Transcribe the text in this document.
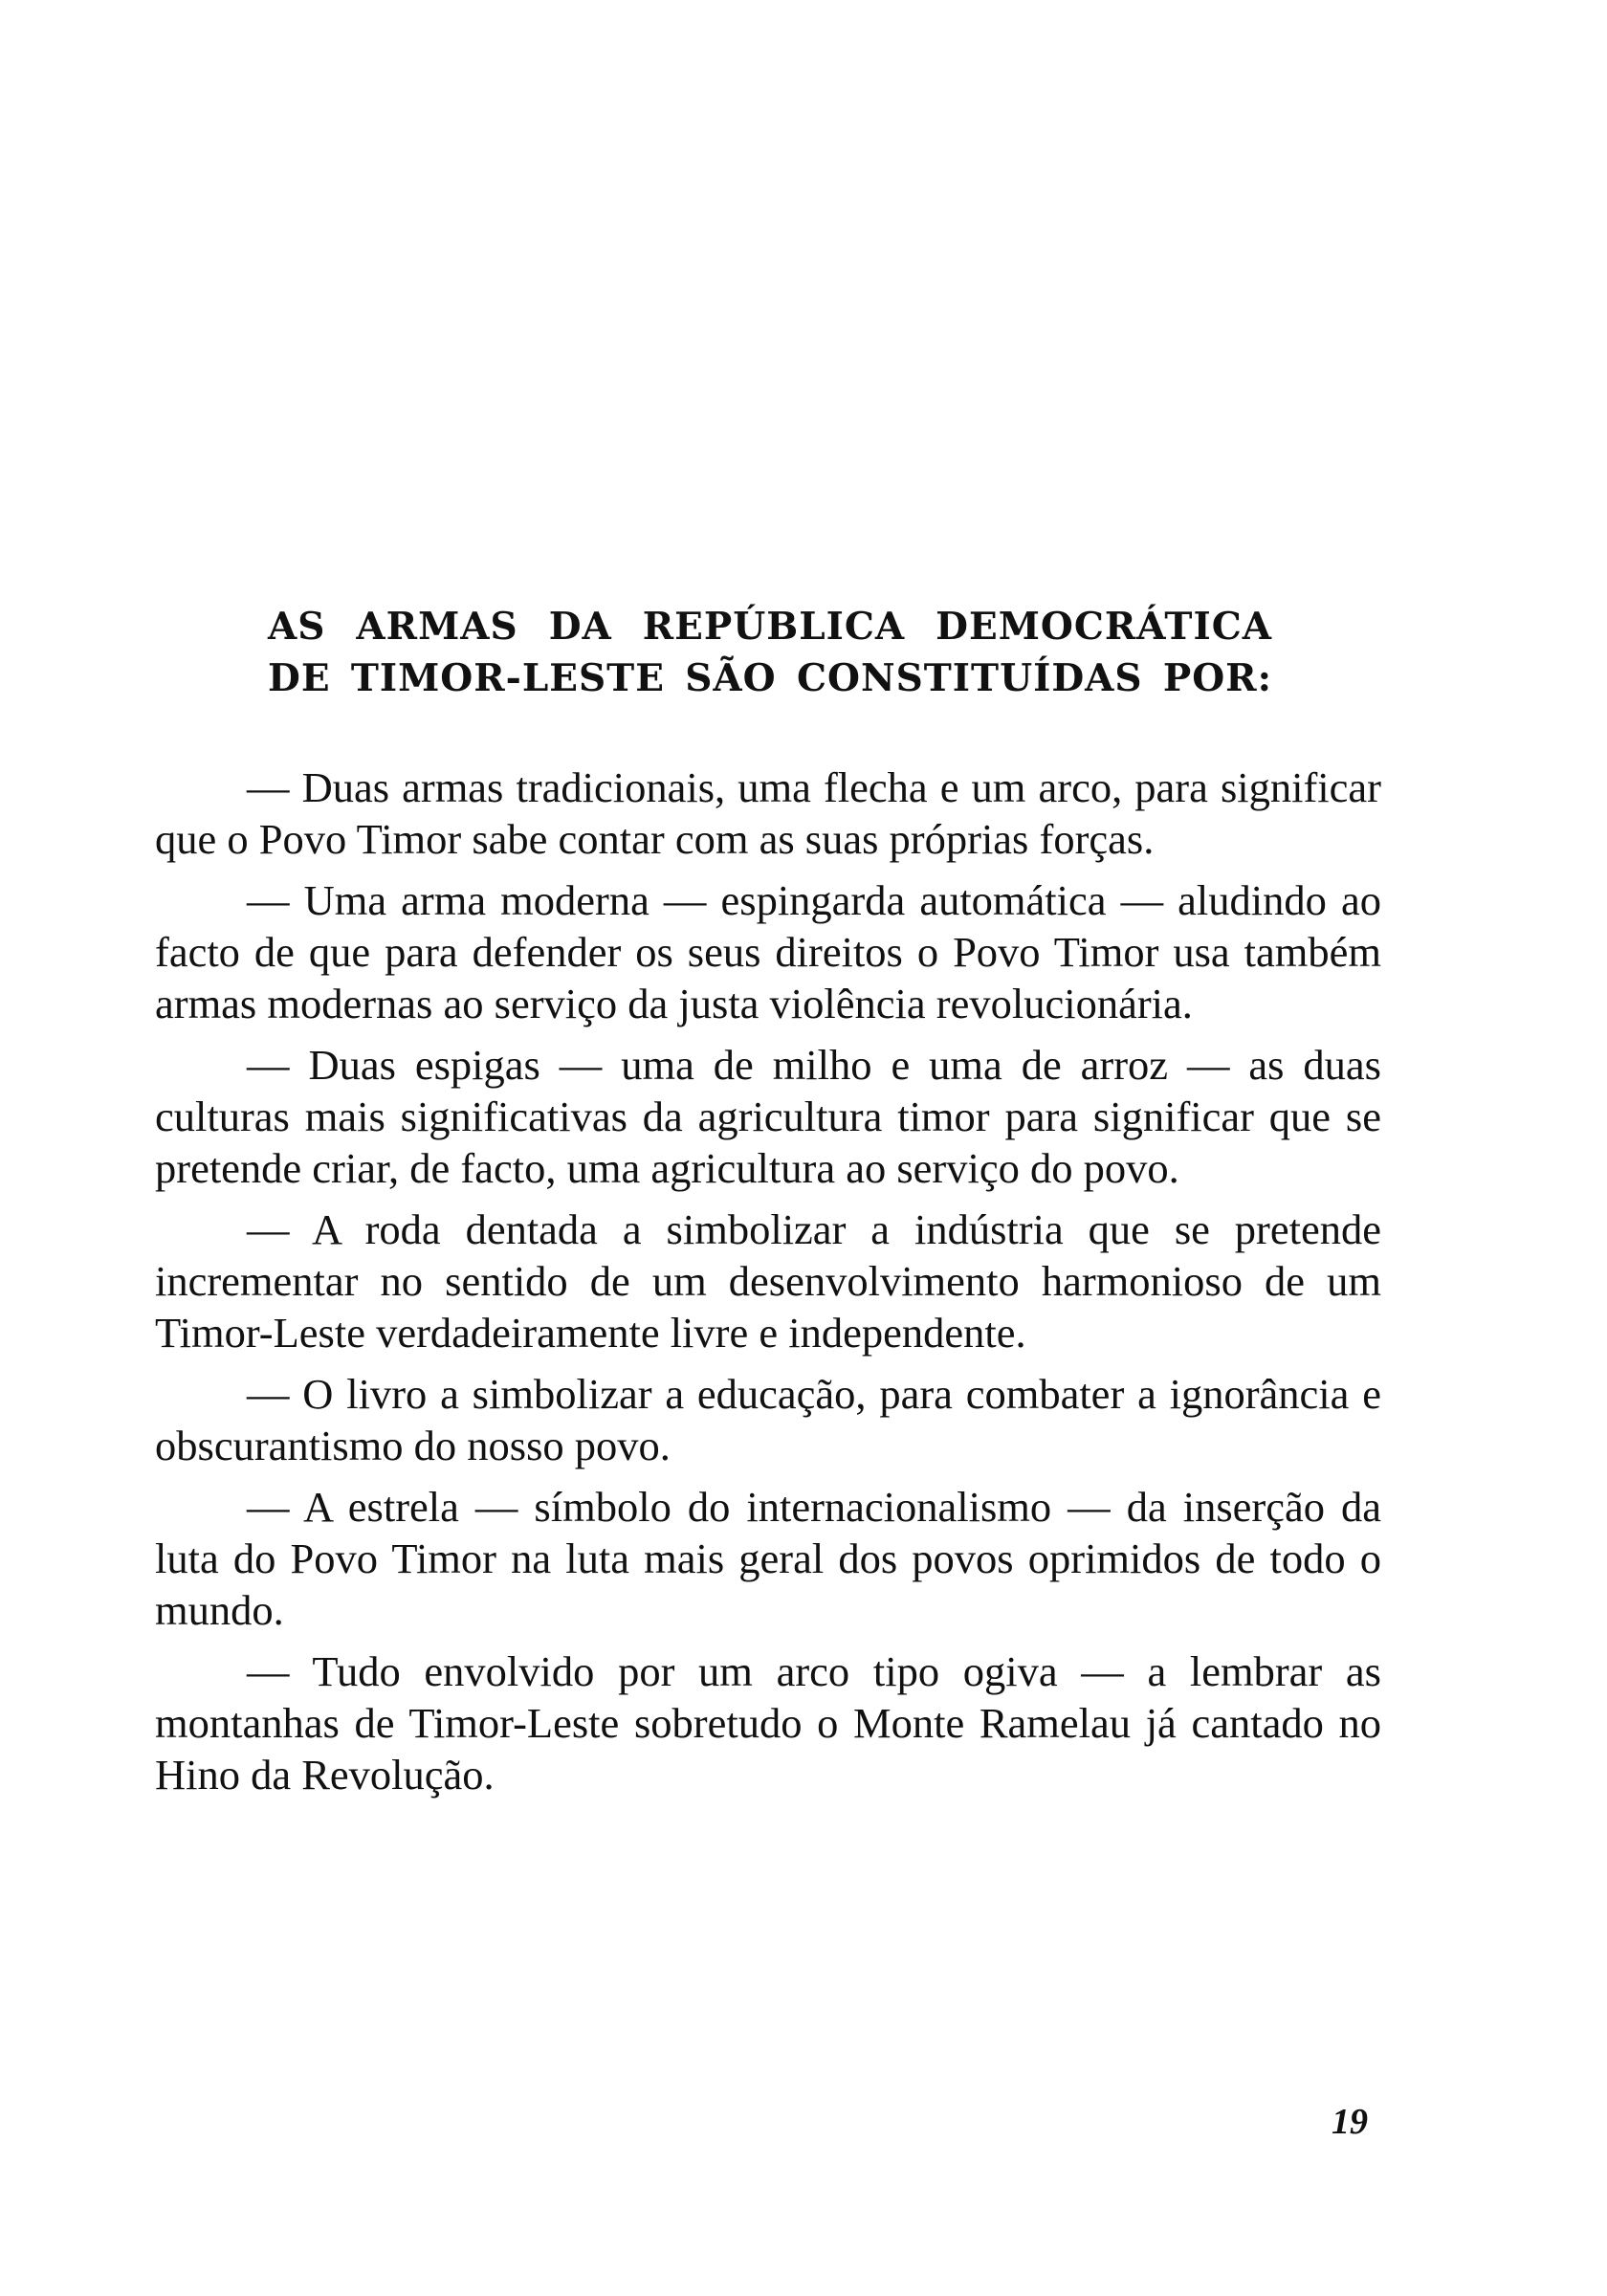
AS ARMAS DA REPÚBLICA DEMOCRÁTICA
DE TIMOR-LESTE SÃO CONSTITUÍDAS POR:

— Duas armas tradicionais, uma flecha e um arco, para significar que o Povo Timor sabe contar com as suas próprias forças.

— Uma arma moderna — espingarda automática — aludindo ao facto de que para defender os seus direitos o Povo Timor usa também armas modernas ao serviço da justa violência revolucionária.

— Duas espigas — uma de milho e uma de arroz — as duas culturas mais significativas da agricultura timor para significar que se pretende criar, de facto, uma agricultura ao serviço do povo.

— A roda dentada a simbolizar a indústria que se pretende incrementar no sentido de um desenvolvimento harmonioso de um Timor-Leste verdadeiramente livre e independente.

— O livro a simbolizar a educação, para combater a ignorância e obscurantismo do nosso povo.

— A estrela — símbolo do internacionalismo — da inserção da luta do Povo Timor na luta mais geral dos povos oprimidos de todo o mundo.

— Tudo envolvido por um arco tipo ogiva — a lembrar as montanhas de Timor-Leste sobretudo o Monte Ramelau já cantado no Hino da Revolução.

19
